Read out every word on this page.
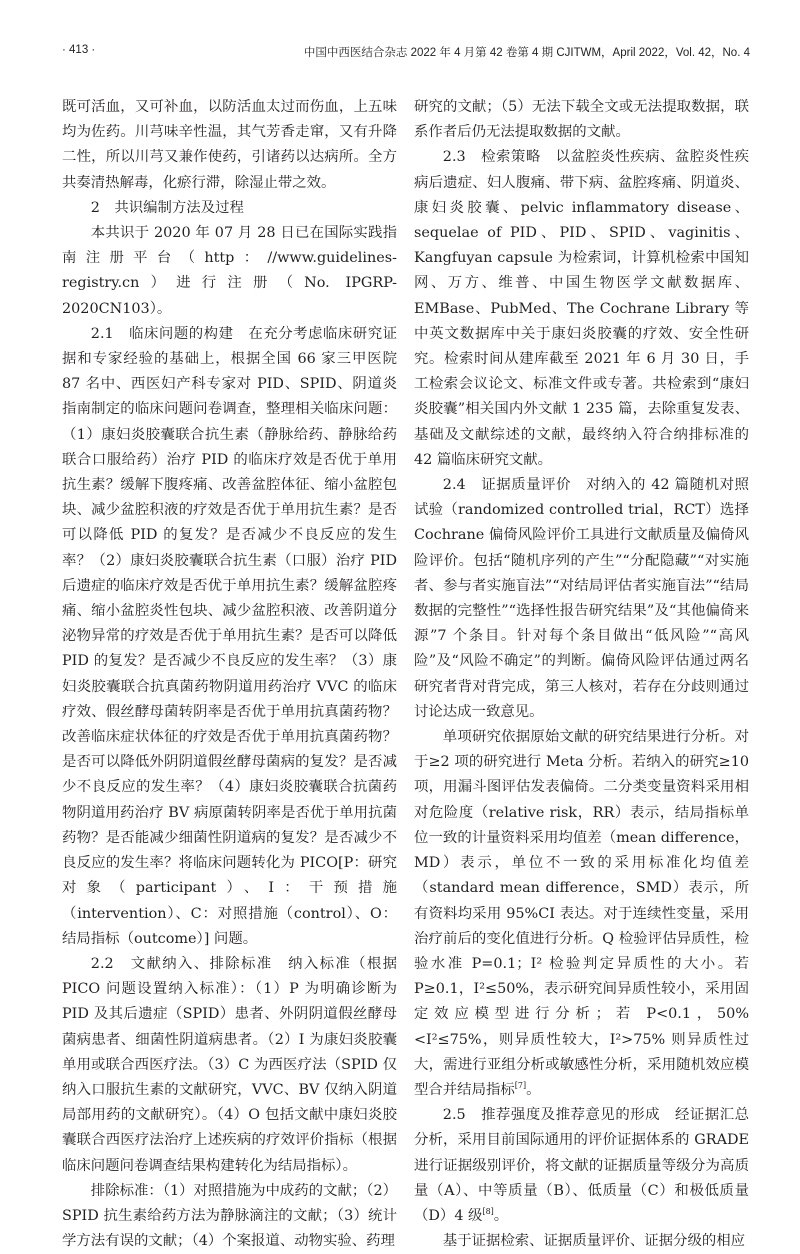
· 413 ·	中国中西医结合杂志 2022 年 4 月第 42 卷第 4 期 CJITWM，April 2022，Vol. 42，No. 4

既可活血，又可补血，以防活血太过而伤血，上五味均为佐药。川芎味辛性温，其气芳香走窜，又有升降二性，所以川芎又兼作使药，引诸药以达病所。全方共奏清热解毒，化瘀行滞，除湿止带之效。

2　共识编制方法及过程

本共识于 2020 年 07 月 28 日已在国际实践指南注册平台（http：//www.guidelines-registry.cn）进行注册（No. IPGRP-2020CN103）。

2.1　临床问题的构建　在充分考虑临床研究证据和专家经验的基础上，根据全国 66 家三甲医院 87 名中、西医妇产科专家对 PID、SPID、阴道炎指南制定的临床问题问卷调查，整理相关临床问题：（1）康妇炎胶囊联合抗生素（静脉给药、静脉给药联合口服给药）治疗 PID 的临床疗效是否优于单用抗生素？缓解下腹疼痛、改善盆腔体征、缩小盆腔包块、减少盆腔积液的疗效是否优于单用抗生素？是否可以降低 PID 的复发？是否减少不良反应的发生率？（2）康妇炎胶囊联合抗生素（口服）治疗 PID 后遗症的临床疗效是否优于单用抗生素？缓解盆腔疼痛、缩小盆腔炎性包块、减少盆腔积液、改善阴道分泌物异常的疗效是否优于单用抗生素？是否可以降低 PID 的复发？是否减少不良反应的发生率？（3）康妇炎胶囊联合抗真菌药物阴道用药治疗 VVC 的临床疗效、假丝酵母菌转阴率是否优于单用抗真菌药物？改善临床症状体征的疗效是否优于单用抗真菌药物？是否可以降低外阴阴道假丝酵母菌病的复发？是否减少不良反应的发生率？（4）康妇炎胶囊联合抗菌药物阴道用药治疗 BV 病原菌转阴率是否优于单用抗菌药物？是否能减少细菌性阴道病的复发？是否减少不良反应的发生率？将临床问题转化为 PICO[P：研究对象（participant）、I：干预措施（intervention）、C：对照措施（control）、O：结局指标（outcome）] 问题。

2.2　文献纳入、排除标准　纳入标准（根据 PICO 问题设置纳入标准）：（1）P 为明确诊断为 PID 及其后遗症（SPID）患者、外阴阴道假丝酵母菌病患者、细菌性阴道病患者。（2）I 为康妇炎胶囊单用或联合西医疗法。（3）C 为西医疗法（SPID 仅纳入口服抗生素的文献研究，VVC、BV 仅纳入阴道局部用药的文献研究）。（4）O 包括文献中康妇炎胶囊联合西医疗法治疗上述疾病的疗效评价指标（根据临床问题问卷调查结果构建转化为结局指标）。

排除标准：（1）对照措施为中成药的文献；（2）SPID 抗生素给药方法为静脉滴注的文献；（3）统计学方法有误的文献；（4）个案报道、动物实验、药理

研究的文献；（5）无法下载全文或无法提取数据，联系作者后仍无法提取数据的文献。

2.3　检索策略　以盆腔炎性疾病、盆腔炎性疾病后遗症、妇人腹痛、带下病、盆腔疼痛、阴道炎、康妇炎胶囊、pelvic inflammatory disease、sequelae of PID、PID、SPID、vaginitis、Kangfuyan capsule 为检索词，计算机检索中国知网、万方、维普、中国生物医学文献数据库、EMBase、PubMed、The Cochrane Library 等中英文数据库中关于康妇炎胶囊的疗效、安全性研究。检索时间从建库截至 2021 年 6 月 30 日，手工检索会议论文、标准文件或专著。共检索到“康妇炎胶囊”相关国内外文献 1 235 篇，去除重复发表、基础及文献综述的文献，最终纳入符合纳排标准的 42 篇临床研究文献。

2.4　证据质量评价　对纳入的 42 篇随机对照试验（randomized controlled trial，RCT）选择 Cochrane 偏倚风险评价工具进行文献质量及偏倚风险评价。包括“随机序列的产生”“分配隐藏”“对实施者、参与者实施盲法”“对结局评估者实施盲法”“结局数据的完整性”“选择性报告研究结果”及“其他偏倚来源”7 个条目。针对每个条目做出“低风险”“高风险”及“风险不确定”的判断。偏倚风险评估通过两名研究者背对背完成，第三人核对，若存在分歧则通过讨论达成一致意见。

单项研究依据原始文献的研究结果进行分析。对于≥2 项的研究进行 Meta 分析。若纳入的研究≥10 项，用漏斗图评估发表偏倚。二分类变量资料采用相对危险度（relative risk，RR）表示，结局指标单位一致的计量资料采用均值差（mean difference，MD）表示，单位不一致的采用标准化均值差（standard mean difference，SMD）表示，所有资料均采用 95%CI 表达。对于连续性变量，采用治疗前后的变化值进行分析。Q 检验评估异质性，检验水准 P=0.1；I² 检验判定异质性的大小。若 P≥0.1，I²≤50%，表示研究间异质性较小，采用固定效应模型进行分析；若 P<0.1，50%<I²≤75%，则异质性较大，I²>75% 则异质性过大，需进行亚组分析或敏感性分析，采用随机效应模型合并结局指标[7]。

2.5　推荐强度及推荐意见的形成　经证据汇总分析，采用目前国际通用的评价证据体系的 GRADE 进行证据级别评价，将文献的证据质量等级分为高质量（A）、中等质量（B）、低质量（C）和极低质量（D）4 级[8]。

基于证据检索、证据质量评价、证据分级的相应
